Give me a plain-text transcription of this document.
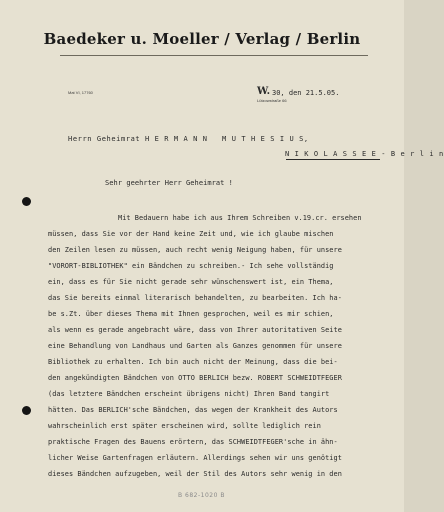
Baedeker u. Moeller / Verlag / Berlin
Mat VI, 17760	W. 30, den 21.5.05.
Lützowstraße 66
Herrn Geheimrat H E R M A N N   M U T H E S I U S,
N I K O L A S S E E - B e r l i n
Sehr geehrter Herr Geheimrat !
Mit Bedauern habe ich aus Ihrem Schreiben v.19.cr. ersehen
müssen, dass Sie vor der Hand keine Zeit und, wie ich glaube mischen
den Zeilen lesen zu müssen, auch recht wenig Neigung haben, für unsere
"VORORT-BIBLIOTHEK" ein Bändchen zu schreiben.- Ich sehe vollständig
ein, dass es für Sie nicht gerade sehr wünschenswert ist, ein Thema,
das Sie bereits einmal literarisch behandelten, zu bearbeiten. Ich ha-
be s.Zt. über dieses Thema mit Ihnen gesprochen, weil es mir schien,
als wenn es gerade angebracht wäre, dass von Ihrer autoritativen Seite
eine Behandlung von Landhaus und Garten als Ganzes genommen für unsere
Bibliothek zu erhalten. Ich bin auch nicht der Meinung, dass die bei-
den angekündigten Bändchen von OTTO BERLICH bezw. ROBERT SCHWEIDTFEGER
(das letztere Bändchen erscheint übrigens nicht) Ihren Band tangirt
hätten. Das BERLICH'sche Bändchen, das wegen der Krankheit des Autors
wahrscheinlich erst später erscheinen wird, sollte lediglich rein
praktische Fragen des Bauens erörtern, das SCHWEIDTFEGER'sche in ähn-
licher Weise Gartenfragen erläutern. Allerdings sehen wir uns genötigt
dieses Bändchen aufzugeben, weil der Stil des Autors sehr wenig in den
B 682-1020 B
